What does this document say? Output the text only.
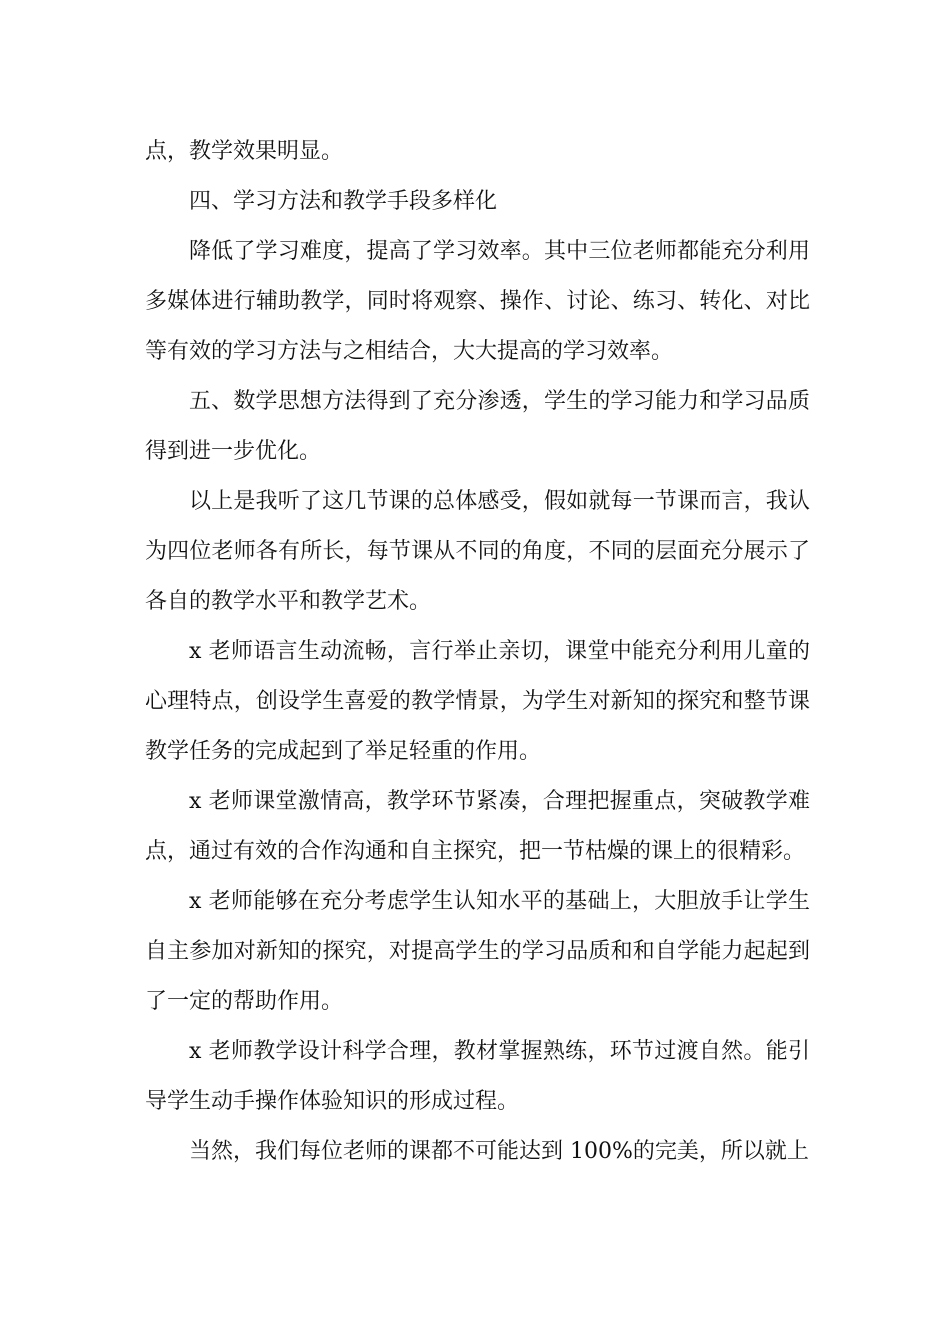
点，教学效果明显。

四、学习方法和教学手段多样化

降低了学习难度，提高了学习效率。其中三位老师都能充分利用多媒体进行辅助教学，同时将观察、操作、讨论、练习、转化、对比等有效的学习方法与之相结合，大大提高的学习效率。

五、数学思想方法得到了充分渗透，学生的学习能力和学习品质得到进一步优化。

以上是我听了这几节课的总体感受，假如就每一节课而言，我认为四位老师各有所长，每节课从不同的角度，不同的层面充分展示了各自的教学水平和教学艺术。

x 老师语言生动流畅，言行举止亲切，课堂中能充分利用儿童的心理特点，创设学生喜爱的教学情景，为学生对新知的探究和整节课教学任务的完成起到了举足轻重的作用。

x 老师课堂激情高，教学环节紧凑，合理把握重点，突破教学难点，通过有效的合作沟通和自主探究，把一节枯燥的课上的很精彩。

x 老师能够在充分考虑学生认知水平的基础上，大胆放手让学生自主参加对新知的探究，对提高学生的学习品质和和自学能力起起到了一定的帮助作用。

x 老师教学设计科学合理，教材掌握熟练，环节过渡自然。能引导学生动手操作体验知识的形成过程。

当然，我们每位老师的课都不可能达到 100%的完美，所以就上
